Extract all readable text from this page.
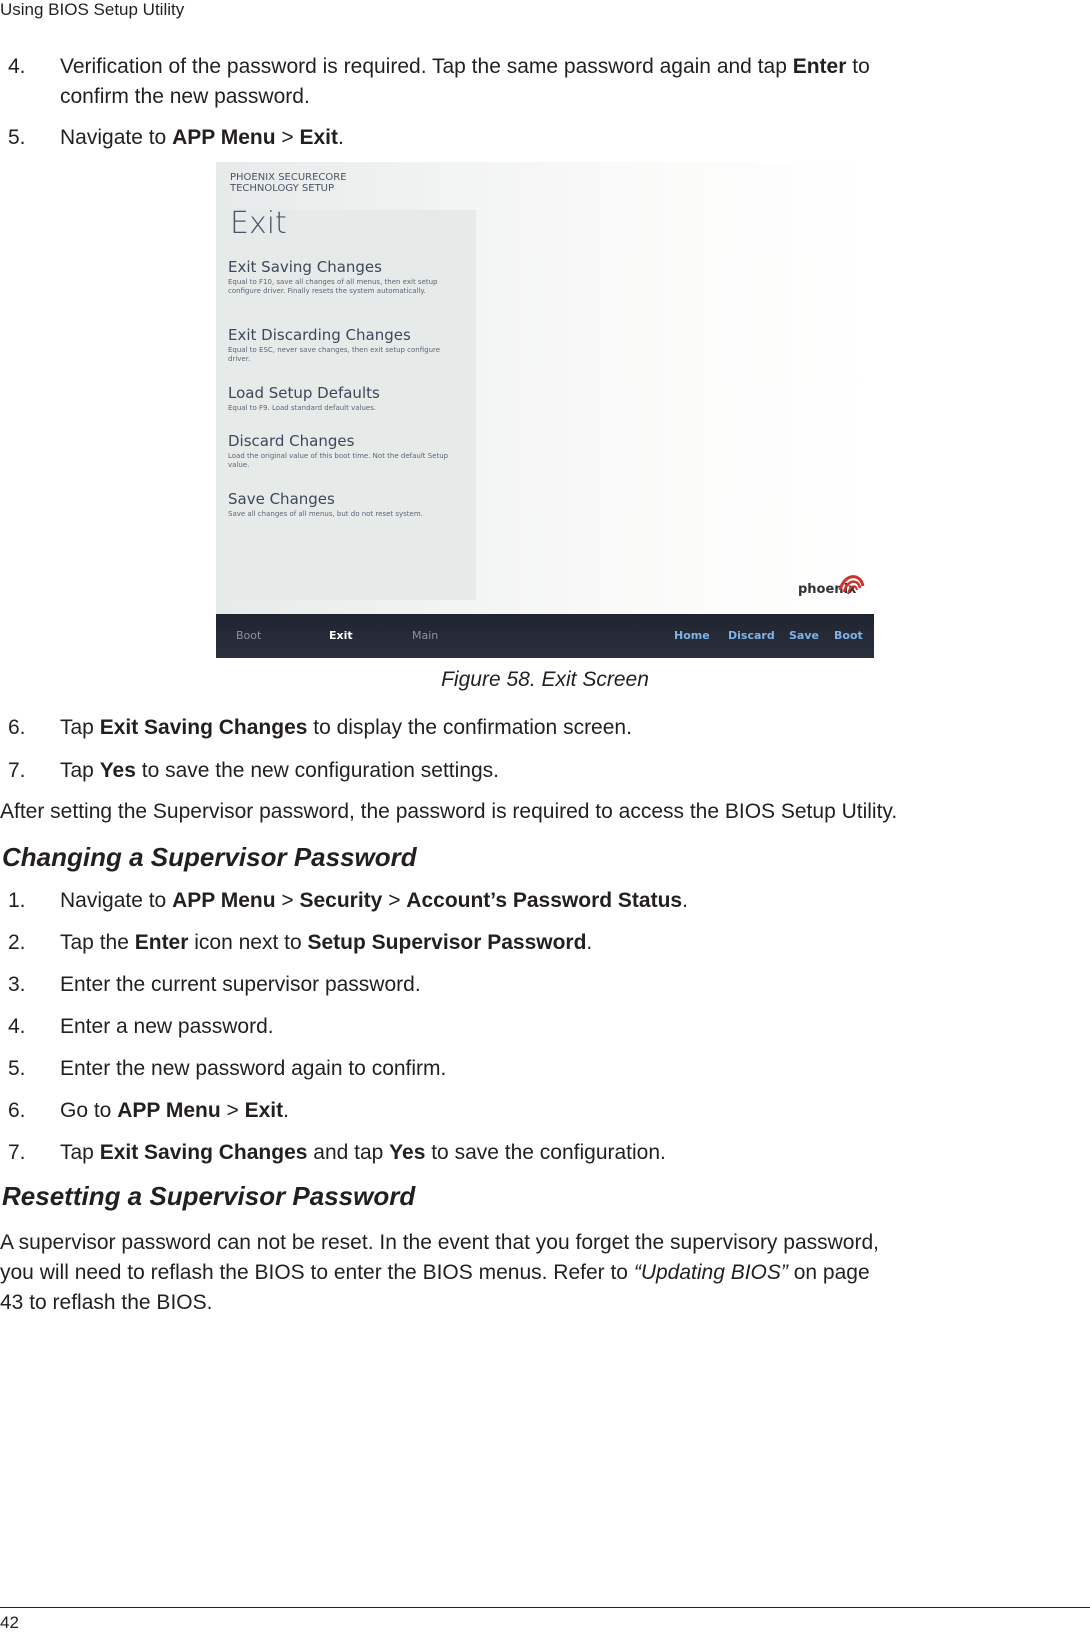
Using BIOS Setup Utility
4. Verification of the password is required. Tap the same password again and tap Enter to
confirm the new password.
5. Navigate to APP Menu > Exit.
PHOENIX SECURECORE
TECHNOLOGY SETUP
Exit
Exit Saving Changes
Equal to F10, save all changes of all menus, then exit setup configure driver. Finally resets the system automatically.
Exit Discarding Changes
Equal to ESC, never save changes, then exit setup configure driver.
Load Setup Defaults
Equal to F9. Load standard default values.
Discard Changes
Load the original value of this boot time. Not the default Setup value.
Save Changes
Save all changes of all menus, but do not reset system.
phoenix
Boot	Exit	Main	Home Discard Save Boot
Figure 58. Exit Screen
6. Tap Exit Saving Changes to display the confirmation screen.
7. Tap Yes to save the new configuration settings.
After setting the Supervisor password, the password is required to access the BIOS Setup Utility.
Changing a Supervisor Password
1. Navigate to APP Menu > Security > Account’s Password Status.
2. Tap the Enter icon next to Setup Supervisor Password.
3. Enter the current supervisor password.
4. Enter a new password.
5. Enter the new password again to confirm.
6. Go to APP Menu > Exit.
7. Tap Exit Saving Changes and tap Yes to save the configuration.
Resetting a Supervisor Password
A supervisor password can not be reset. In the event that you forget the supervisory password,
you will need to reflash the BIOS to enter the BIOS menus. Refer to “Updating BIOS” on page
43 to reflash the BIOS.
42
